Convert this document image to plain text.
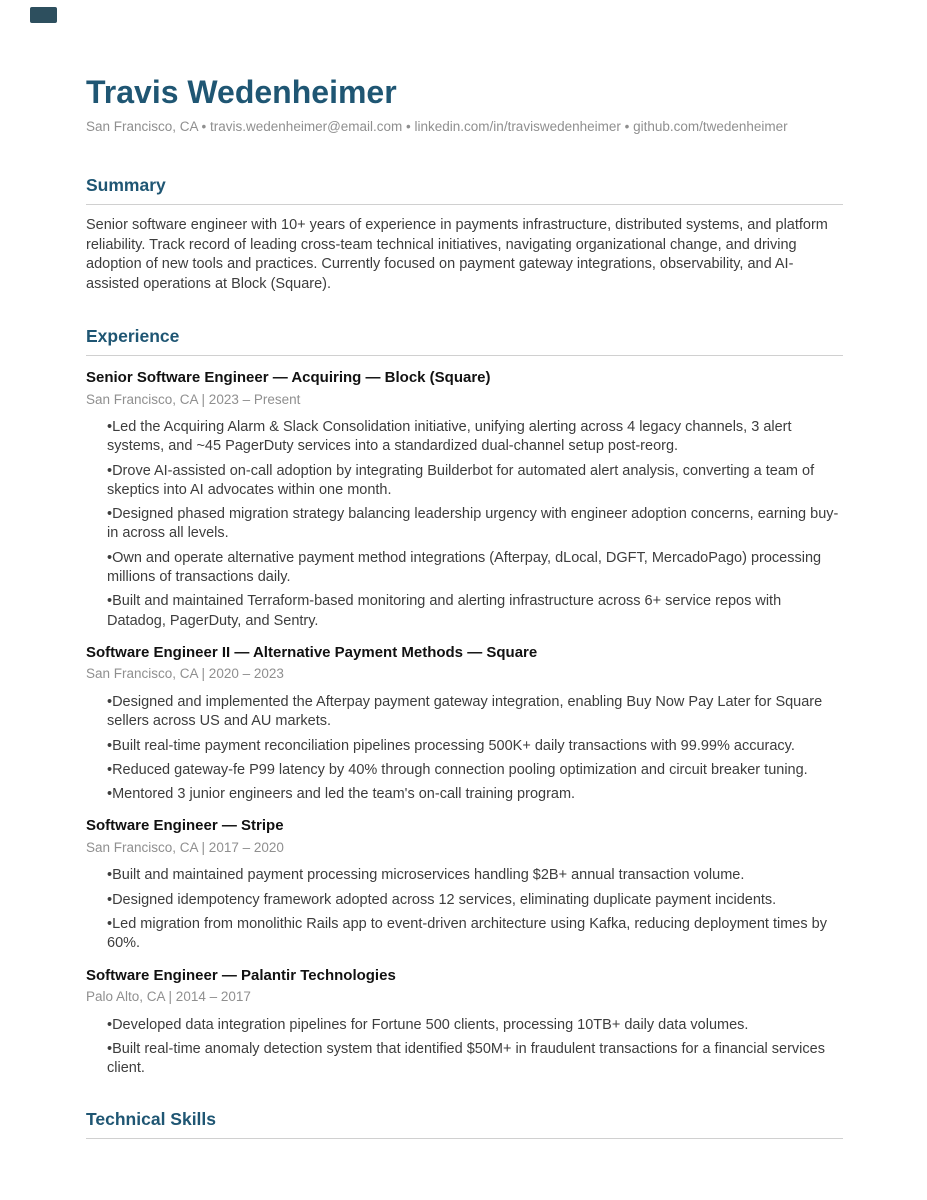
Travis Wedenheimer

San Francisco, CA • travis.wedenheimer@email.com • linkedin.com/in/traviswedenheimer • github.com/twedenheimer

Summary

Senior software engineer with 10+ years of experience in payments infrastructure, distributed systems, and platform reliability. Track record of leading cross-team technical initiatives, navigating organizational change, and driving adoption of new tools and practices. Currently focused on payment gateway integrations, observability, and AI-assisted operations at Block (Square).

Experience
Senior Software Engineer — Acquiring — Block (Square)

San Francisco, CA | 2023 – Present

• Led the Acquiring Alarm & Slack Consolidation initiative, unifying alerting across 4 legacy channels, 3 alert systems, and ~45 PagerDuty services into a standardized dual-channel setup post-reorg.
• Drove AI-assisted on-call adoption by integrating Builderbot for automated alert analysis, converting a team of skeptics into AI advocates within one month.
• Designed phased migration strategy balancing leadership urgency with engineer adoption concerns, earning buy-in across all levels.
• Own and operate alternative payment method integrations (Afterpay, dLocal, DGFT, MercadoPago) processing millions of transactions daily.
• Built and maintained Terraform-based monitoring and alerting infrastructure across 6+ service repos with Datadog, PagerDuty, and Sentry.
Software Engineer II — Alternative Payment Methods — Square

San Francisco, CA | 2020 – 2023

• Designed and implemented the Afterpay payment gateway integration, enabling Buy Now Pay Later for Square sellers across US and AU markets.
• Built real-time payment reconciliation pipelines processing 500K+ daily transactions with 99.99% accuracy.
• Reduced gateway-fe P99 latency by 40% through connection pooling optimization and circuit breaker tuning.
• Mentored 3 junior engineers and led the team's on-call training program.
Software Engineer — Stripe

San Francisco, CA | 2017 – 2020

• Built and maintained payment processing microservices handling $2B+ annual transaction volume.
• Designed idempotency framework adopted across 12 services, eliminating duplicate payment incidents.
• Led migration from monolithic Rails app to event-driven architecture using Kafka, reducing deployment times by 60%.
Software Engineer — Palantir Technologies

Palo Alto, CA | 2014 – 2017

• Developed data integration pipelines for Fortune 500 clients, processing 10TB+ daily data volumes.
• Built real-time anomaly detection system that identified $50M+ in fraudulent transactions for a financial services client.
Technical Skills
